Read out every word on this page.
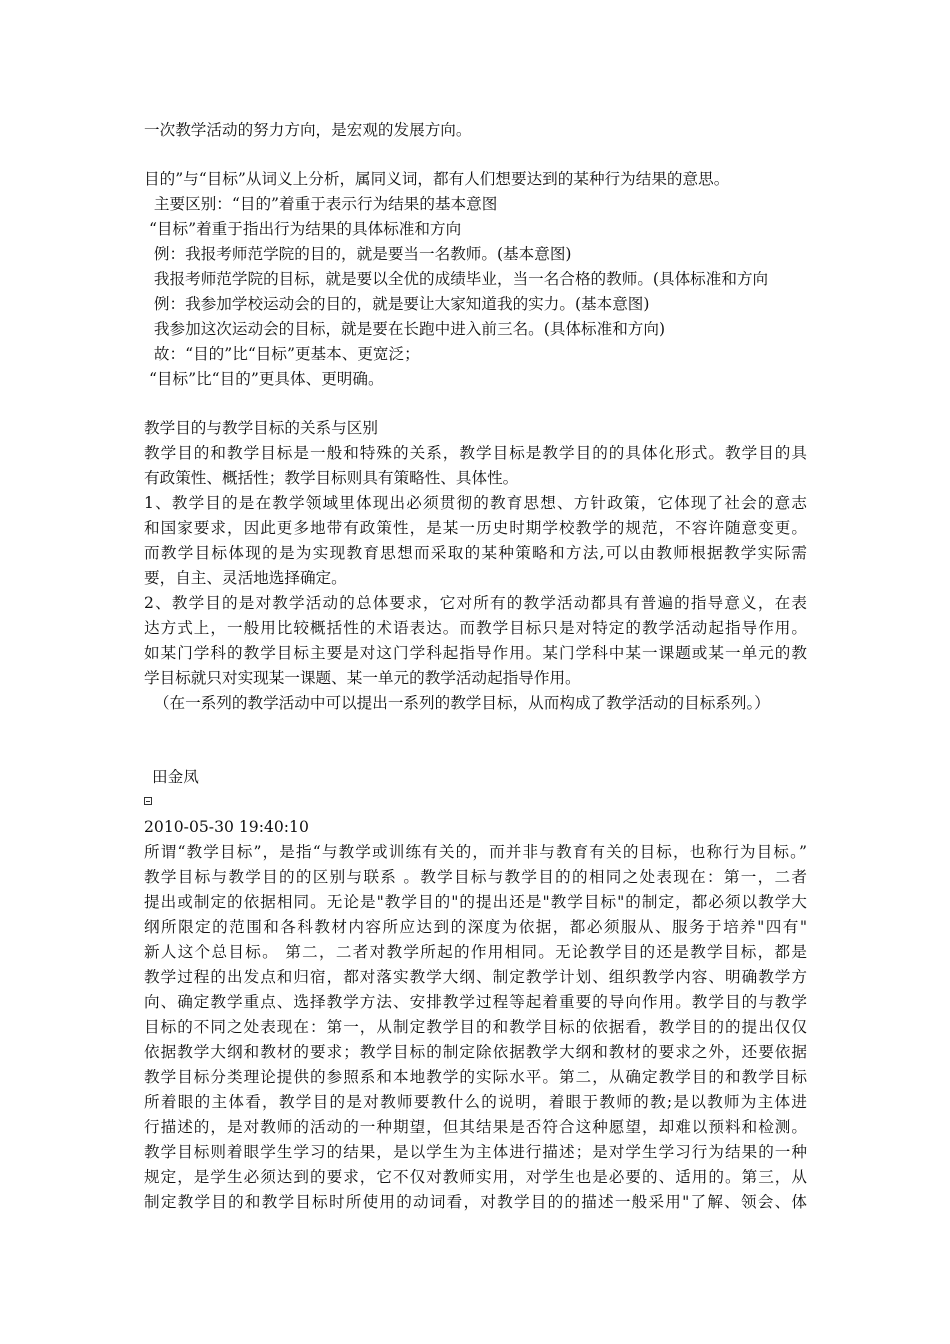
一次教学活动的努力方向，是宏观的发展方向。
目的”与“目标”从词义上分析，属同义词，都有人们想要达到的某种行为结果的意思。
主要区别：“目的”着重于表示行为结果的基本意图
“目标”着重于指出行为结果的具体标准和方向
例：我报考师范学院的目的，就是要当一名教师。(基本意图)
我报考师范学院的目标，就是要以全优的成绩毕业，当一名合格的教师。(具体标准和方向
例：我参加学校运动会的目的，就是要让大家知道我的实力。(基本意图)
我参加这次运动会的目标，就是要在长跑中进入前三名。(具体标准和方向)
故：“目的”比“目标”更基本、更宽泛；
“目标”比“目的”更具体、更明确。
教学目的与教学目标的关系与区别
教学目的和教学目标是一般和特殊的关系，教学目标是教学目的的具体化形式。教学目的具
有政策性、概括性；教学目标则具有策略性、具体性。
1、教学目的是在教学领域里体现出必须贯彻的教育思想、方针政策，它体现了社会的意志
和国家要求，因此更多地带有政策性，是某一历史时期学校教学的规范，不容许随意变更。
而教学目标体现的是为实现教育思想而采取的某种策略和方法,可以由教师根据教学实际需
要，自主、灵活地选择确定。
2、教学目的是对教学活动的总体要求，它对所有的教学活动都具有普遍的指导意义，在表
达方式上，一般用比较概括性的术语表达。而教学目标只是对特定的教学活动起指导作用。
如某门学科的教学目标主要是对这门学科起指导作用。某门学科中某一课题或某一单元的教
学目标就只对实现某一课题、某一单元的教学活动起指导作用。
（在一系列的教学活动中可以提出一系列的教学目标，从而构成了教学活动的目标系列。）
田金凤
2010-05-30 19:40:10
所谓“教学目标”，是指“与教学或训练有关的，而并非与教育有关的目标，也称行为目标。”
教学目标与教学目的的区别与联系 。教学目标与教学目的的相同之处表现在：第一，二者
提出或制定的依据相同。无论是"教学目的"的提出还是"教学目标"的制定，都必须以教学大
纲所限定的范围和各科教材内容所应达到的深度为依据，都必须服从、服务于培养"四有"
新人这个总目标。 第二，二者对教学所起的作用相同。无论教学目的还是教学目标，都是
教学过程的出发点和归宿，都对落实教学大纲、制定教学计划、组织教学内容、明确教学方
向、确定教学重点、选择教学方法、安排教学过程等起着重要的导向作用。教学目的与教学
目标的不同之处表现在：第一，从制定教学目的和教学目标的依据看，教学目的的提出仅仅
依据教学大纲和教材的要求；教学目标的制定除依据教学大纲和教材的要求之外，还要依据
教学目标分类理论提供的参照系和本地教学的实际水平。第二，从确定教学目的和教学目标
所着眼的主体看，教学目的是对教师要教什么的说明，着眼于教师的教;是以教师为主体进
行描述的，是对教师的活动的一种期望，但其结果是否符合这种愿望，却难以预料和检测。
教学目标则着眼学生学习的结果，是以学生为主体进行描述；是对学生学习行为结果的一种
规定，是学生必须达到的要求，它不仅对教师实用，对学生也是必要的、适用的。第三，从
制定教学目的和教学目标时所使用的动词看，对教学目的的描述一般采用"了解、领会、体
